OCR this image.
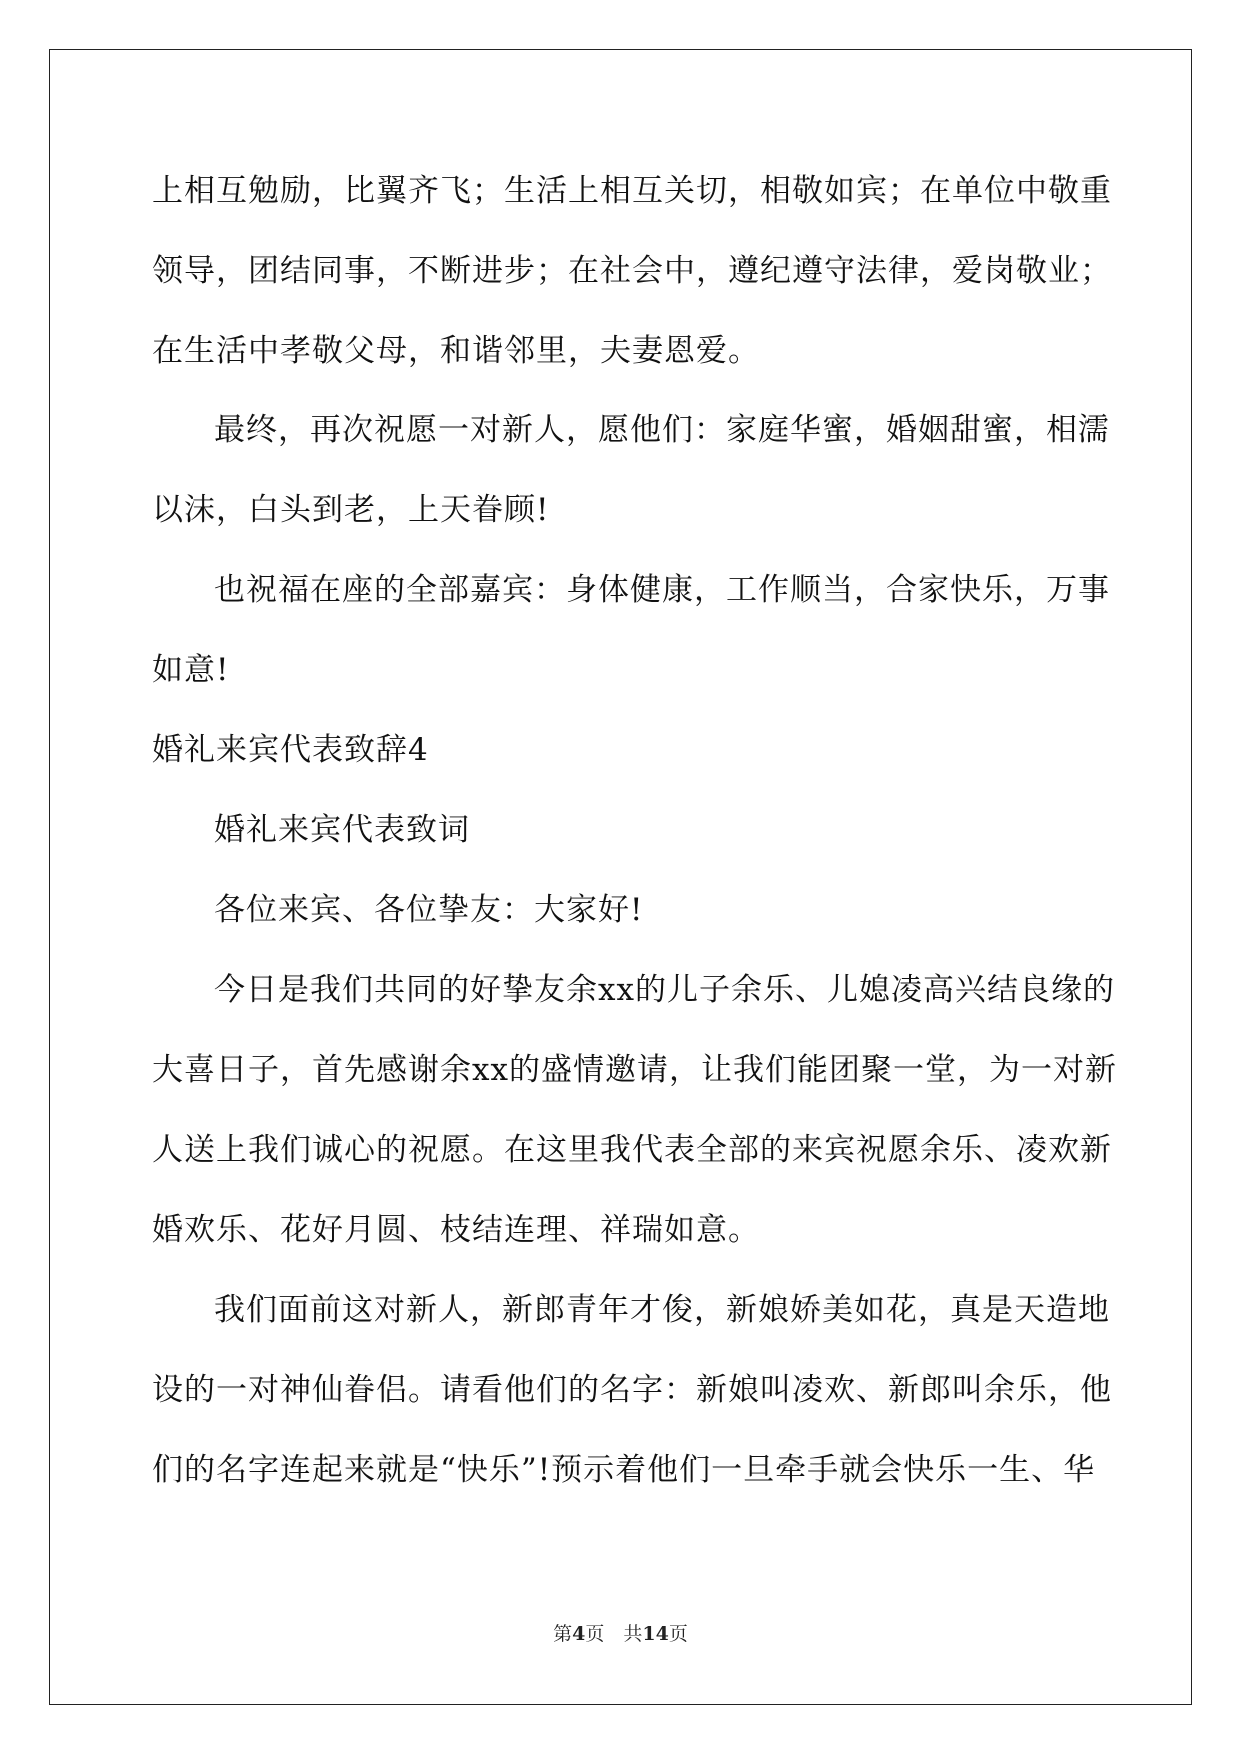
上相互勉励，比翼齐飞；生活上相互关切，相敬如宾；在单位中敬重
领导，团结同事，不断进步；在社会中，遵纪遵守法律，爱岗敬业；
在生活中孝敬父母，和谐邻里，夫妻恩爱。
最终，再次祝愿一对新人，愿他们：家庭华蜜，婚姻甜蜜，相濡
以沫，白头到老，上天眷顾!
也祝福在座的全部嘉宾：身体健康，工作顺当，合家快乐，万事
如意!
婚礼来宾代表致辞4
婚礼来宾代表致词
各位来宾、各位挚友：大家好!
今日是我们共同的好挚友余xx的儿子余乐、儿媳凌高兴结良缘的
大喜日子，首先感谢余xx的盛情邀请，让我们能团聚一堂，为一对新
人送上我们诚心的祝愿。在这里我代表全部的来宾祝愿余乐、凌欢新
婚欢乐、花好月圆、枝结连理、祥瑞如意。
我们面前这对新人，新郎青年才俊，新娘娇美如花，真是天造地
设的一对神仙眷侣。请看他们的名字：新娘叫凌欢、新郎叫余乐，他
们的名字连起来就是“快乐”!预示着他们一旦牵手就会快乐一生、华
第4页　共14页
